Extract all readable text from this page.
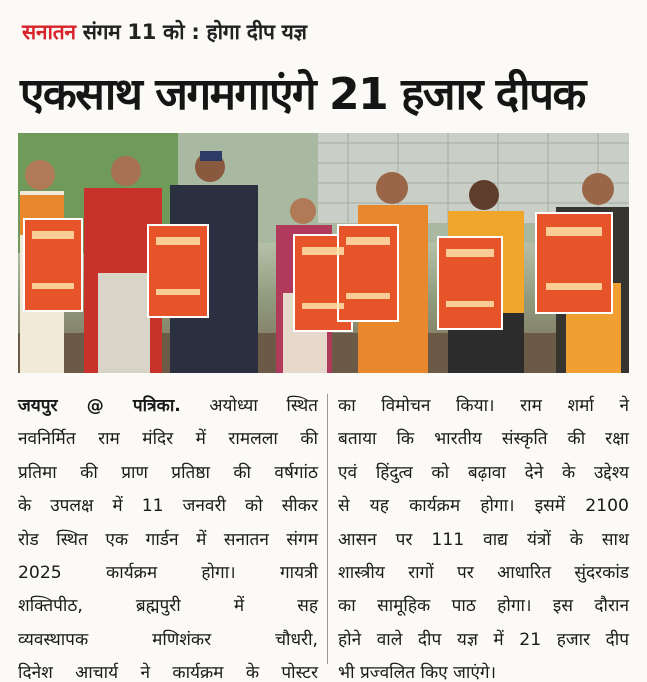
सनातन संगम 11 को : होगा दीप यज्ञ
एकसाथ जगमगाएंगे 21 हजार दीपक
जयपुर @ पत्रिका. अयोध्या स्थित
नवनिर्मित राम मंदिर में रामलला की
प्रतिमा की प्राण प्रतिष्ठा की वर्षगांठ
के उपलक्ष में 11 जनवरी को सीकर
रोड स्थित एक गार्डन में सनातन संगम
2025 कार्यक्रम होगा। गायत्री
शक्तिपीठ, ब्रह्मपुरी में सह
व्यवस्थापक मणिशंकर चौधरी,
दिनेश आचार्य ने कार्यक्रम के पोस्टर
का विमोचन किया। राम शर्मा ने
बताया कि भारतीय संस्कृति की रक्षा
एवं हिंदुत्व को बढ़ावा देने के उद्देश्य
से यह कार्यक्रम होगा। इसमें 2100
आसन पर 111 वाद्य यंत्रों के साथ
शास्त्रीय रागों पर आधारित सुंदरकांड
का सामूहिक पाठ होगा। इस दौरान
होने वाले दीप यज्ञ में 21 हजार दीप
भी प्रज्वलित किए जाएंगे।
